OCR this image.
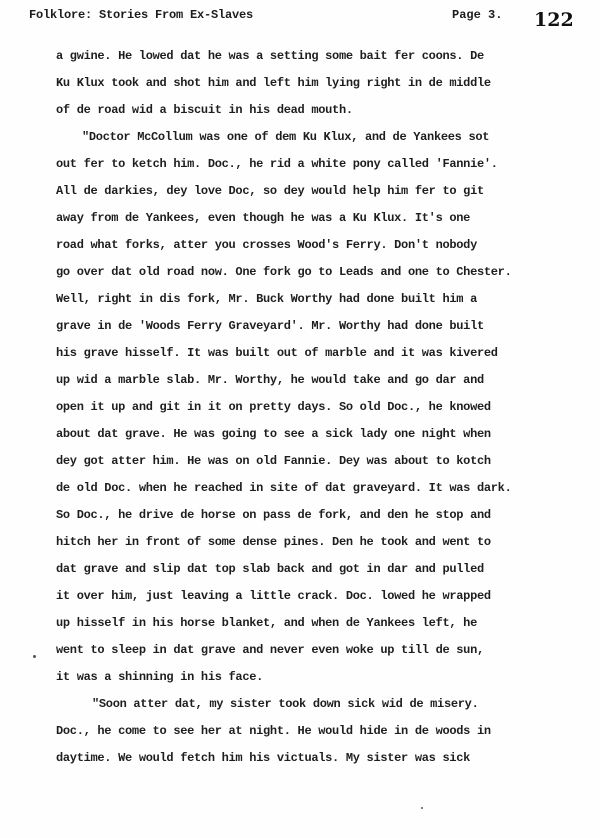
Folklore: Stories From Ex-Slaves	Page 3. 122
a gwine. He lowed dat he was a setting some bait fer coons. De
Ku Klux took and shot him and left him lying right in de middle
of de road wid a biscuit in his dead mouth.
"Doctor McCollum was one of dem Ku Klux, and de Yankees sot
out fer to ketch him. Doc., he rid a white pony called 'Fannie'.
All de darkies, dey love Doc, so dey would help him fer to git
away from de Yankees, even though he was a Ku Klux. It's one
road what forks, atter you crosses Wood's Ferry. Don't nobody
go over dat old road now. One fork go to Leads and one to Chester.
Well, right in dis fork, Mr. Buck Worthy had done built him a
grave in de 'Woods Ferry Graveyard'. Mr. Worthy had done built
his grave hisself. It was built out of marble and it was kivered
up wid a marble slab. Mr. Worthy, he would take and go dar and
open it up and git in it on pretty days. So old Doc., he knowed
about dat grave. He was going to see a sick lady one night when
dey got atter him. He was on old Fannie. Dey was about to kotch
de old Doc. when he reached in site of dat graveyard. It was dark.
So Doc., he drive de horse on pass de fork, and den he stop and
hitch her in front of some dense pines. Den he took and went to
dat grave and slip dat top slab back and got in dar and pulled
it over him, just leaving a little crack. Doc. lowed he wrapped
up hisself in his horse blanket, and when de Yankees left, he
went to sleep in dat grave and never even woke up till de sun,
it was a shinning in his face.
"Soon atter dat, my sister took down sick wid de misery.
Doc., he come to see her at night. He would hide in de woods in
daytime. We would fetch him his victuals. My sister was sick
